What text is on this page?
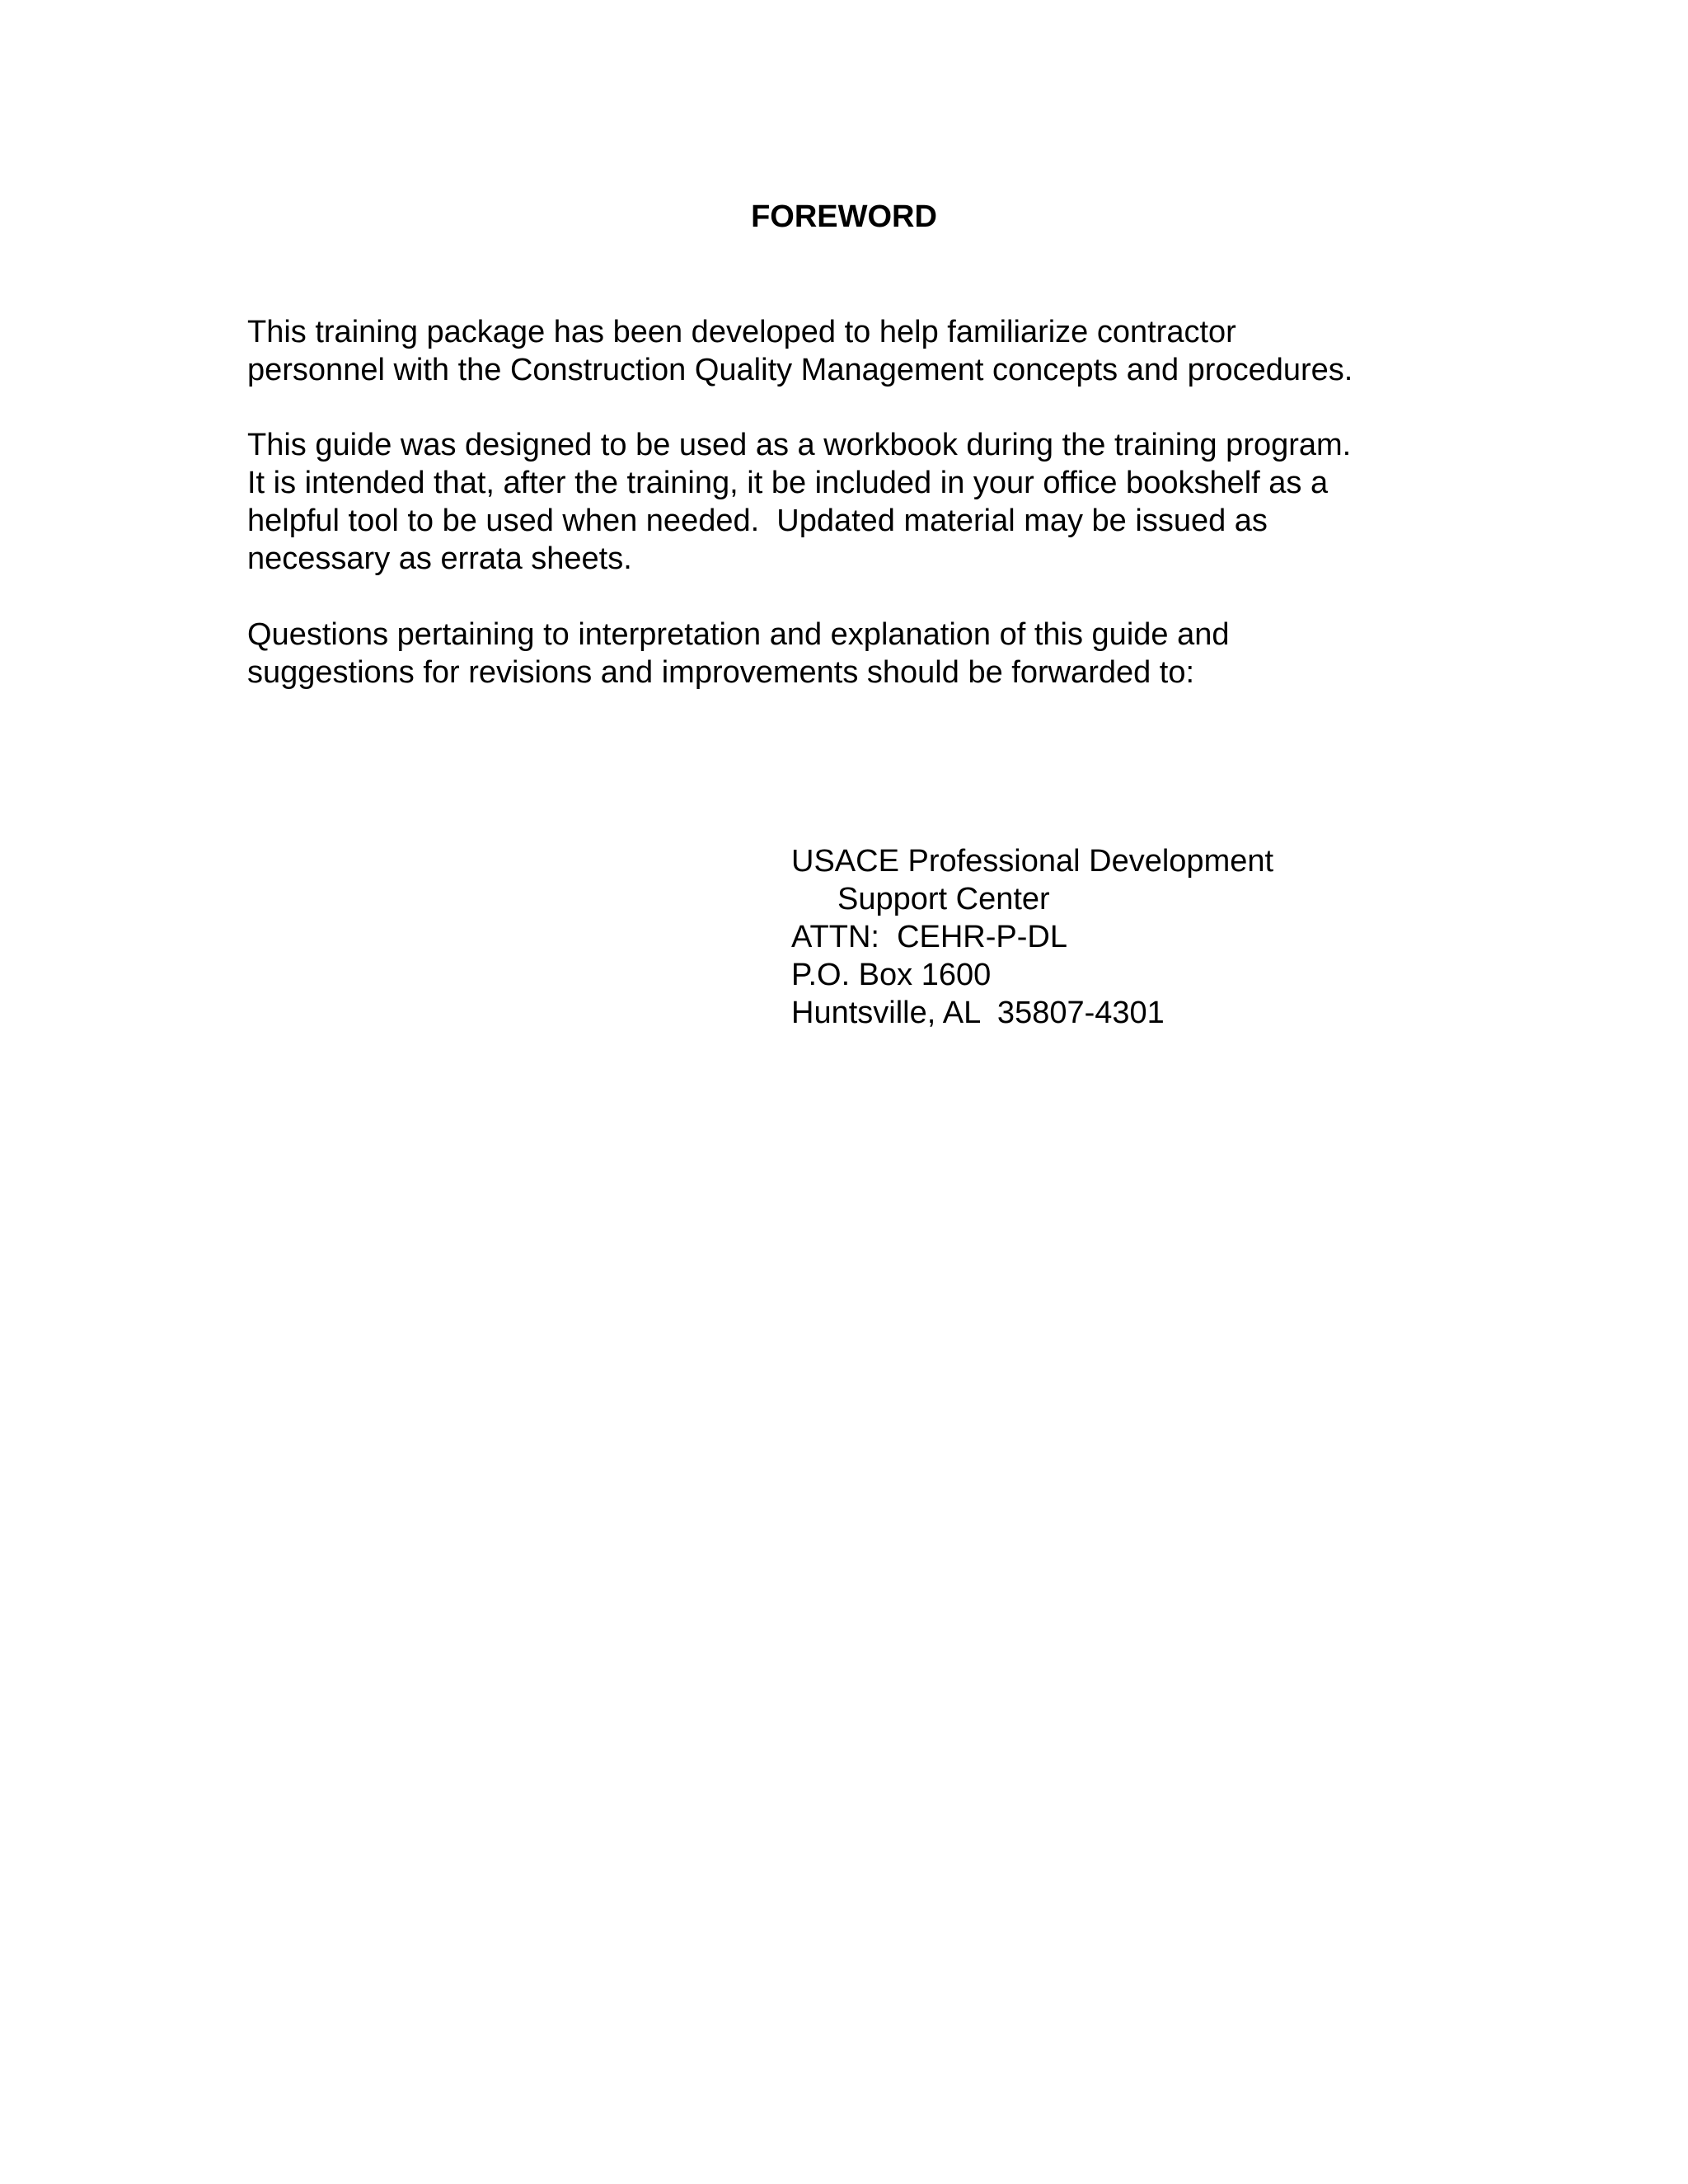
FOREWORD

This training package has been developed to help familiarize contractor
personnel with the Construction Quality Management concepts and procedures.

This guide was designed to be used as a workbook during the training program.
It is intended that, after the training, it be included in your office bookshelf as a
helpful tool to be used when needed.  Updated material may be issued as
necessary as errata sheets.

Questions pertaining to interpretation and explanation of this guide and
suggestions for revisions and improvements should be forwarded to:

USACE Professional Development
Support Center
ATTN:  CEHR-P-DL
P.O. Box 1600
Huntsville, AL  35807-4301
